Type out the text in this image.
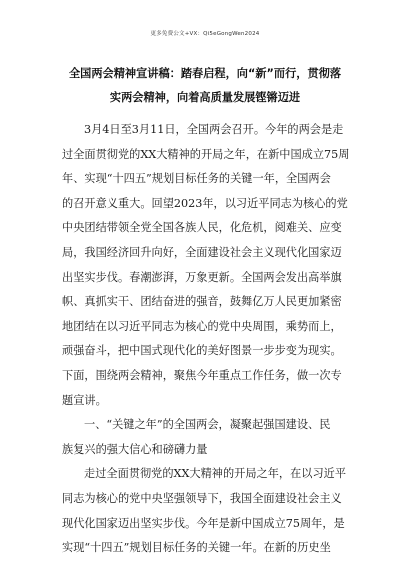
更多免费公文+VX：Qi5eGongWen2024
全国两会精神宣讲稿：踏春启程，向“新”而行，贯彻落
实两会精神，向着高质量发展铿锵迈进

3月4日至3月11日，全国两会召开。今年的两会是走
过全面贯彻党的XX大精神的开局之年，在新中国成立75周
年、实现“十四五”规划目标任务的关键一年，全国两会
的召开意义重大。回望2023年，以习近平同志为核心的党
中央团结带领全党全国各族人民，化危机，阅难关、应变
局，我国经济回升向好，全面建设社会主义现代化国家迈
出坚实步伐。春潮澎湃，万象更新。全国两会发出高举旗
帜、真抓实干、团结奋进的强音，鼓舞亿万人民更加紧密
地团结在以习近平同志为核心的党中央周围，乘势而上，
顽强奋斗，把中国式现代化的美好图景一步步变为现实。
下面，围绕两会精神，聚焦今年重点工作任务，做一次专
题宣讲。

一、“关键之年”的全国两会，凝聚起强国建设、民
族复兴的强大信心和磅礴力量

走过全面贯彻党的XX大精神的开局之年，在以习近平
同志为核心的党中央坚强领导下，我国全面建设社会主义
现代化国家迈出坚实步伐。今年是新中国成立75周年，是
实现“十四五”规划目标任务的关键一年。在新的历史坐
